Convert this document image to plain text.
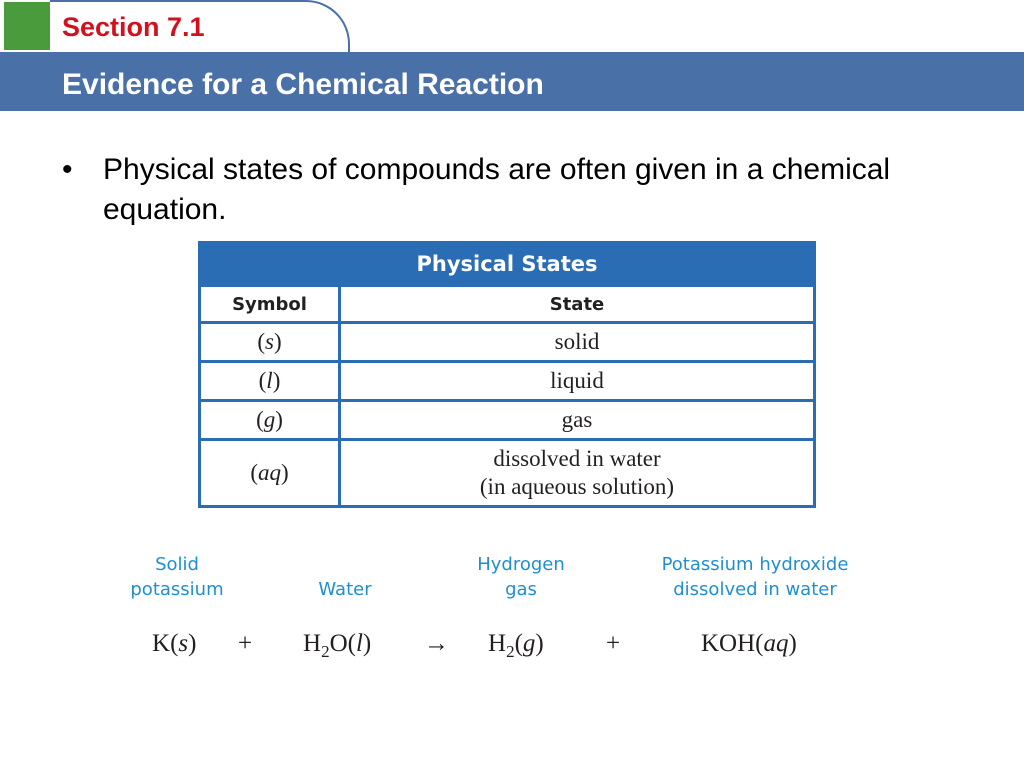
Section 7.1
Evidence for a Chemical Reaction
• Physical states of compounds are often given in a chemical equation.
Physical States	
Symbol	State
(s)	solid
(l)	liquid
(g)	gas
(aq)	dissolved in water
(in aqueous solution)
Solid
potassium	Water
Hydrogen
gas
Potassium hydroxide
dissolved in water
$K(s) + H_2O(l) \to H_2(g)$ +	KOH(aq)
